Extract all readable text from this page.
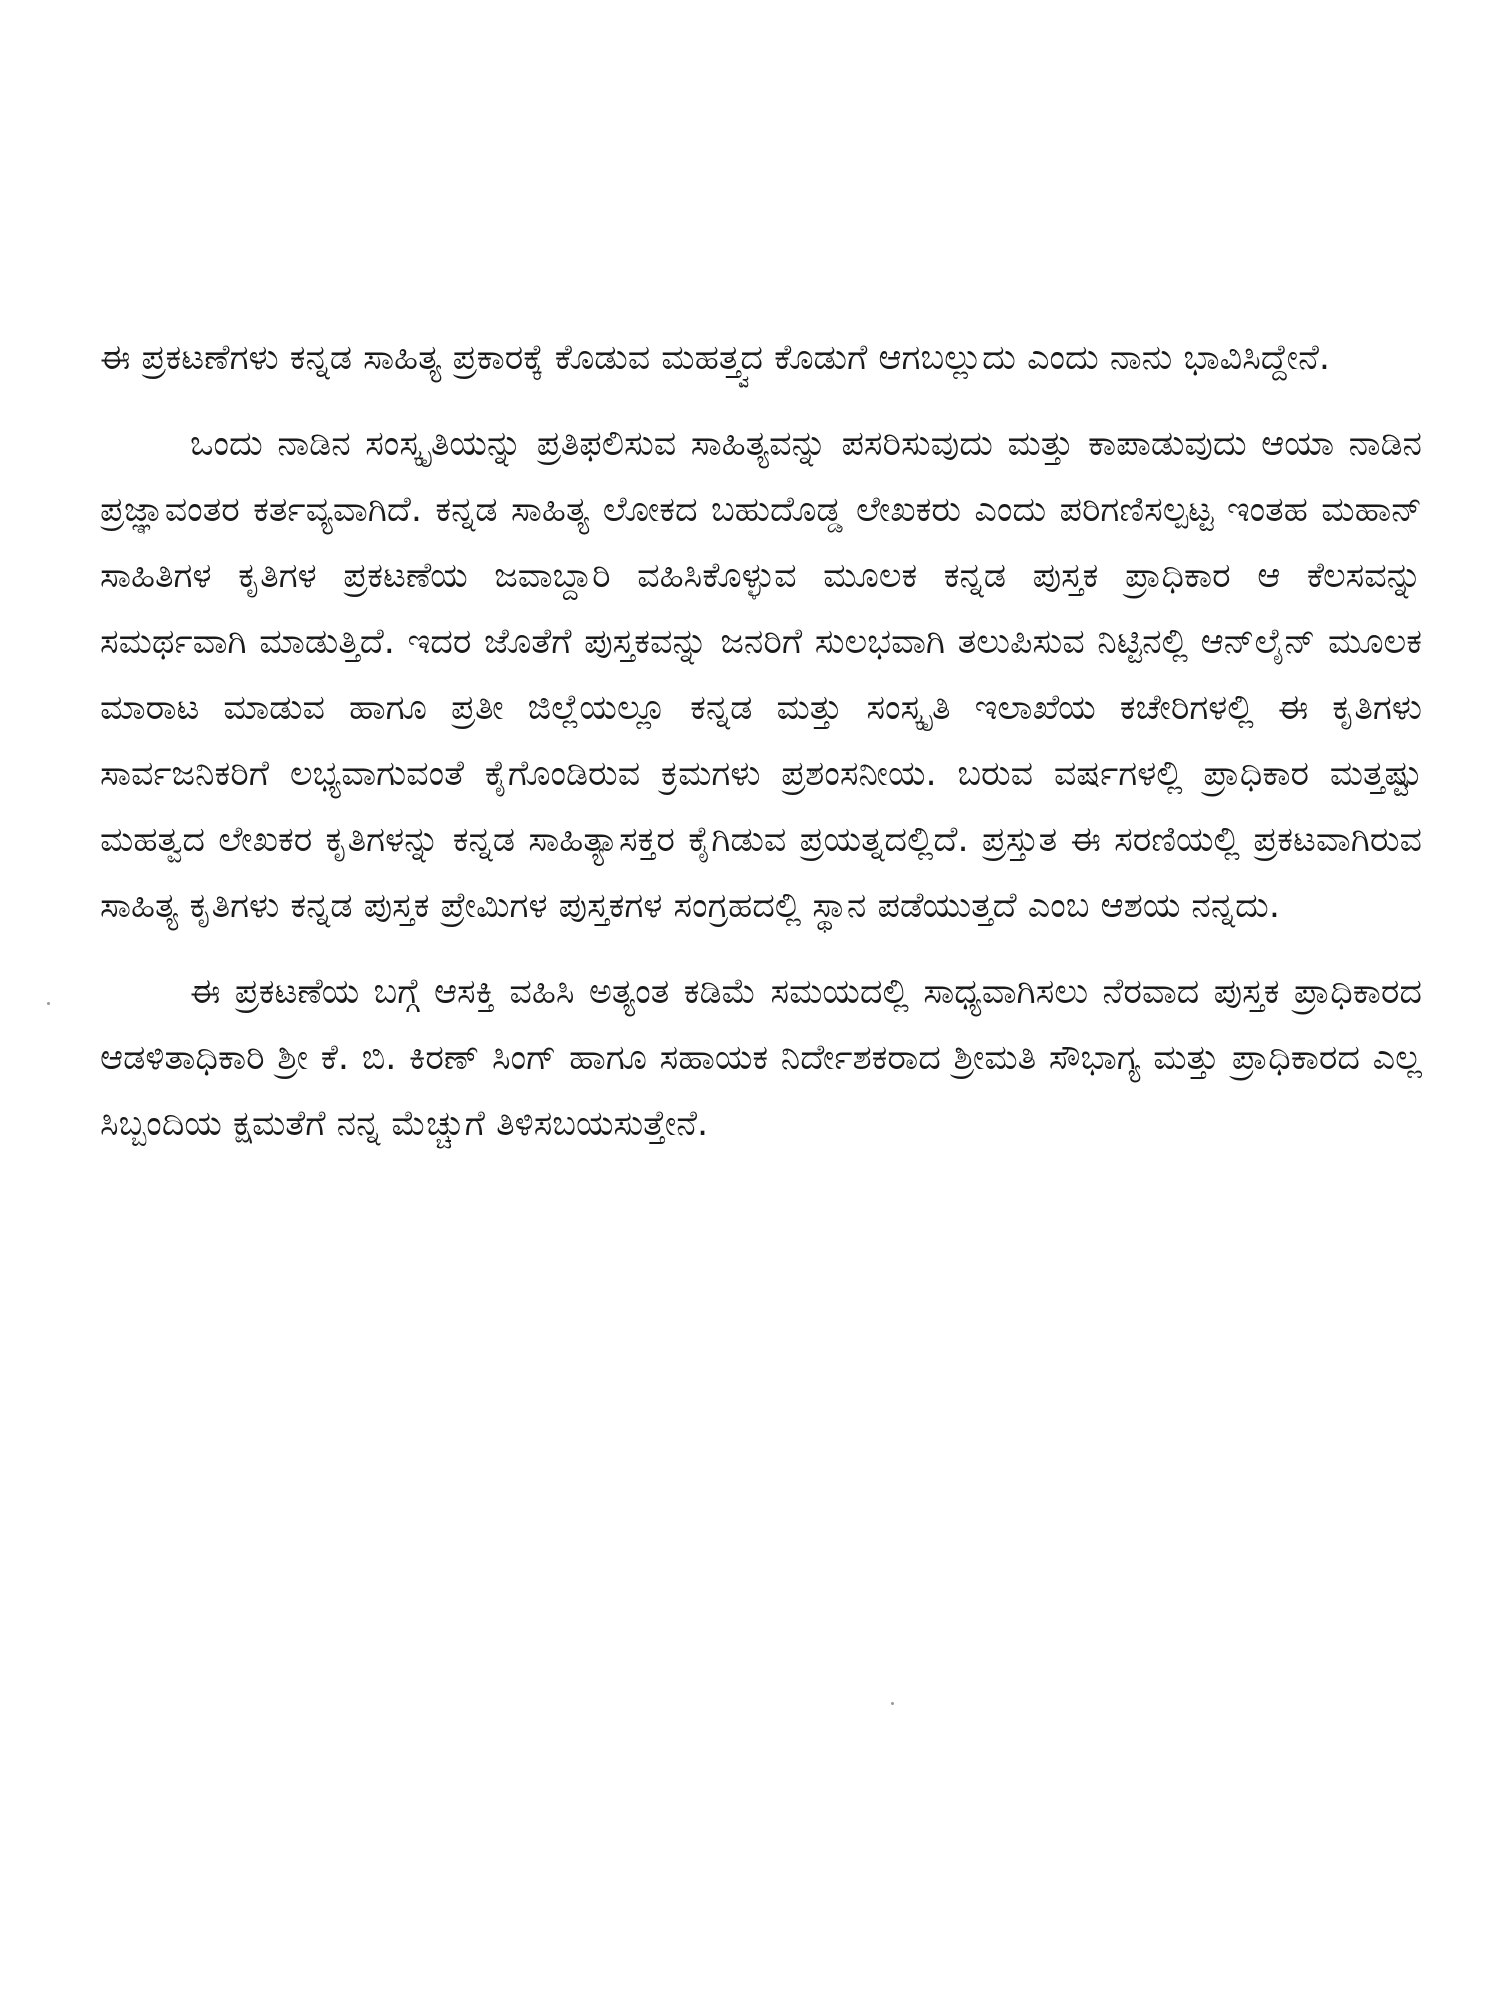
ಈ ಪ್ರಕಟಣೆಗಳು ಕನ್ನಡ ಸಾಹಿತ್ಯ ಪ್ರಕಾರಕ್ಕೆ ಕೊಡುವ ಮಹತ್ತ್ವದ ಕೊಡುಗೆ ಆಗಬಲ್ಲುದು ಎಂದು ನಾನು ಭಾವಿಸಿದ್ದೇನೆ.

ಒಂದು ನಾಡಿನ ಸಂಸ್ಕೃತಿಯನ್ನು ಪ್ರತಿಫಲಿಸುವ ಸಾಹಿತ್ಯವನ್ನು ಪಸರಿಸುವುದು ಮತ್ತು ಕಾಪಾಡುವುದು ಆಯಾ ನಾಡಿನ ಪ್ರಜ್ಞಾವಂತರ ಕರ್ತವ್ಯವಾಗಿದೆ. ಕನ್ನಡ ಸಾಹಿತ್ಯ ಲೋಕದ ಬಹುದೊಡ್ಡ ಲೇಖಕರು ಎಂದು ಪರಿಗಣಿಸಲ್ಪಟ್ಟ ಇಂತಹ ಮಹಾನ್ ಸಾಹಿತಿಗಳ ಕೃತಿಗಳ ಪ್ರಕಟಣೆಯ ಜವಾಬ್ದಾರಿ ವಹಿಸಿಕೊಳ್ಳುವ ಮೂಲಕ ಕನ್ನಡ ಪುಸ್ತಕ ಪ್ರಾಧಿಕಾರ ಆ ಕೆಲಸವನ್ನು ಸಮರ್ಥವಾಗಿ ಮಾಡುತ್ತಿದೆ. ಇದರ ಜೊತೆಗೆ ಪುಸ್ತಕವನ್ನು ಜನರಿಗೆ ಸುಲಭವಾಗಿ ತಲುಪಿಸುವ ನಿಟ್ಟಿನಲ್ಲಿ ಆನ್‌ಲೈನ್ ಮೂಲಕ ಮಾರಾಟ ಮಾಡುವ ಹಾಗೂ ಪ್ರತೀ ಜಿಲ್ಲೆಯಲ್ಲೂ ಕನ್ನಡ ಮತ್ತು ಸಂಸ್ಕೃತಿ ಇಲಾಖೆಯ ಕಚೇರಿಗಳಲ್ಲಿ ಈ ಕೃತಿಗಳು ಸಾರ್ವಜನಿಕರಿಗೆ ಲಭ್ಯವಾಗುವಂತೆ ಕೈಗೊಂಡಿರುವ ಕ್ರಮಗಳು ಪ್ರಶಂಸನೀಯ. ಬರುವ ವರ್ಷಗಳಲ್ಲಿ ಪ್ರಾಧಿಕಾರ ಮತ್ತಷ್ಟು ಮಹತ್ವದ ಲೇಖಕರ ಕೃತಿಗಳನ್ನು ಕನ್ನಡ ಸಾಹಿತ್ಯಾಸಕ್ತರ ಕೈಗಿಡುವ ಪ್ರಯತ್ನದಲ್ಲಿದೆ. ಪ್ರಸ್ತುತ ಈ ಸರಣಿಯಲ್ಲಿ ಪ್ರಕಟವಾಗಿರುವ ಸಾಹಿತ್ಯ ಕೃತಿಗಳು ಕನ್ನಡ ಪುಸ್ತಕ ಪ್ರೇಮಿಗಳ ಪುಸ್ತಕಗಳ ಸಂಗ್ರಹದಲ್ಲಿ ಸ್ಥಾನ ಪಡೆಯುತ್ತದೆ ಎಂಬ ಆಶಯ ನನ್ನದು.

ಈ ಪ್ರಕಟಣೆಯ ಬಗ್ಗೆ ಆಸಕ್ತಿ ವಹಿಸಿ ಅತ್ಯಂತ ಕಡಿಮೆ ಸಮಯದಲ್ಲಿ ಸಾಧ್ಯವಾಗಿಸಲು ನೆರವಾದ ಪುಸ್ತಕ ಪ್ರಾಧಿಕಾರದ ಆಡಳಿತಾಧಿಕಾರಿ ಶ್ರೀ ಕೆ. ಬಿ. ಕಿರಣ್ ಸಿಂಗ್ ಹಾಗೂ ಸಹಾಯಕ ನಿರ್ದೇಶಕರಾದ ಶ್ರೀಮತಿ ಸೌಭಾಗ್ಯ ಮತ್ತು ಪ್ರಾಧಿಕಾರದ ಎಲ್ಲ ಸಿಬ್ಬಂದಿಯ ಕ್ಷಮತೆಗೆ ನನ್ನ ಮೆಚ್ಚುಗೆ ತಿಳಿಸಬಯಸುತ್ತೇನೆ.
